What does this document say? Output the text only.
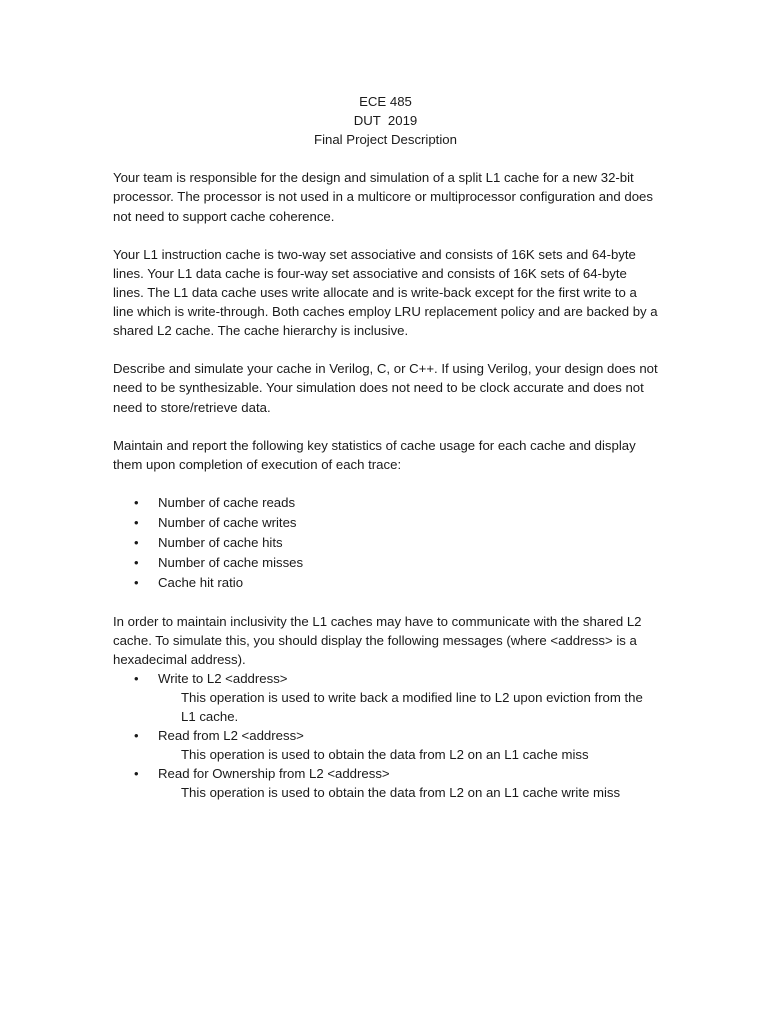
ECE 485
DUT  2019
Final Project Description

Your team is responsible for the design and simulation of a split L1 cache for a new 32-bit processor. The processor is not used in a multicore or multiprocessor configuration and does not need to support cache coherence.

Your L1 instruction cache is two-way set associative and consists of 16K sets and 64-byte lines. Your L1 data cache is four-way set associative and consists of 16K sets of 64-byte lines. The L1 data cache uses write allocate and is write-back except for the first write to a line which is write-through. Both caches employ LRU replacement policy and are backed by a shared L2 cache. The cache hierarchy is inclusive.

Describe and simulate your cache in Verilog, C, or C++. If using Verilog, your design does not need to be synthesizable. Your simulation does not need to be clock accurate and does not need to store/retrieve data.

Maintain and report the following key statistics of cache usage for each cache and display them upon completion of execution of each trace:

• Number of cache reads
• Number of cache writes
• Number of cache hits
• Number of cache misses
• Cache hit ratio

In order to maintain inclusivity the L1 caches may have to communicate with the shared L2 cache. To simulate this, you should display the following messages (where <address> is a hexadecimal address).

• Write to L2 <address>
This operation is used to write back a modified line to L2 upon eviction from the L1 cache.
• Read from L2 <address>
This operation is used to obtain the data from L2 on an L1 cache miss
• Read for Ownership from L2 <address>
This operation is used to obtain the data from L2 on an L1 cache write miss
